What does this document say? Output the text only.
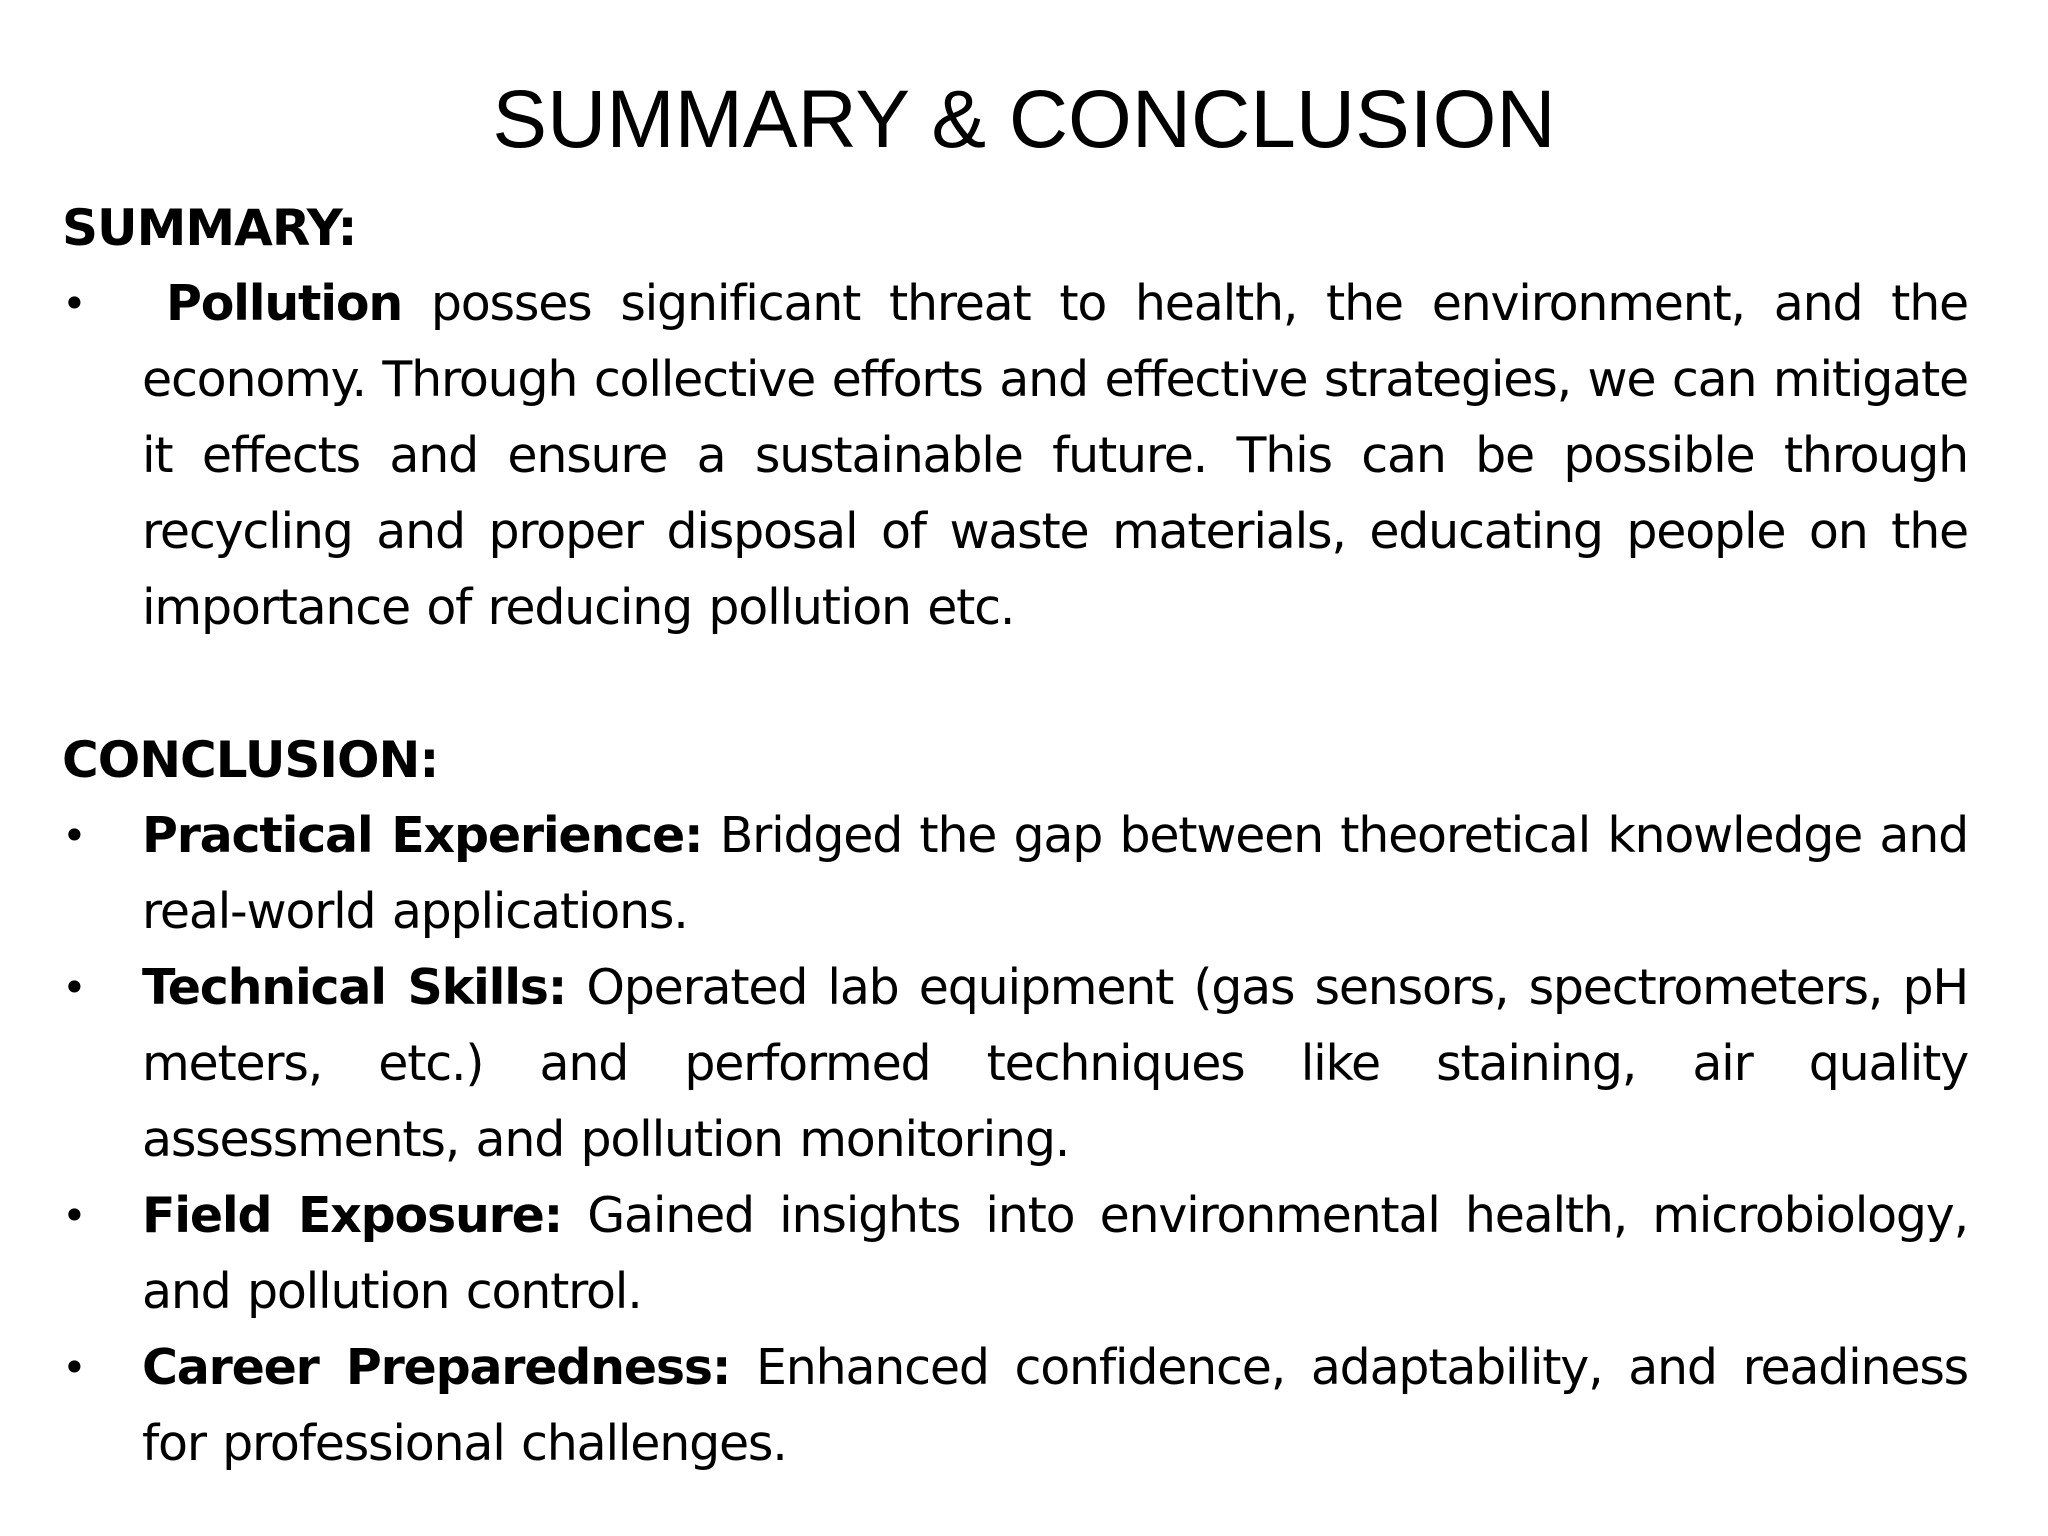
SUMMARY & CONCLUSION
SUMMARY:
•	Pollution posses significant threat to health, the environment, and the economy. Through collective efforts and effective strategies, we can mitigate it effects and ensure a sustainable future. This can be possible through recycling and proper disposal of waste materials, educating people on the importance of reducing pollution etc.
CONCLUSION:
•	Practical Experience: Bridged the gap between theoretical knowledge and real-world applications.
•	Technical Skills: Operated lab equipment (gas sensors, spectrometers, pH meters, etc.) and performed techniques like staining, air quality assessments, and pollution monitoring.
•	Field Exposure: Gained insights into environmental health, microbiology, and pollution control.
•	Career Preparedness: Enhanced confidence, adaptability, and readiness for professional challenges.
